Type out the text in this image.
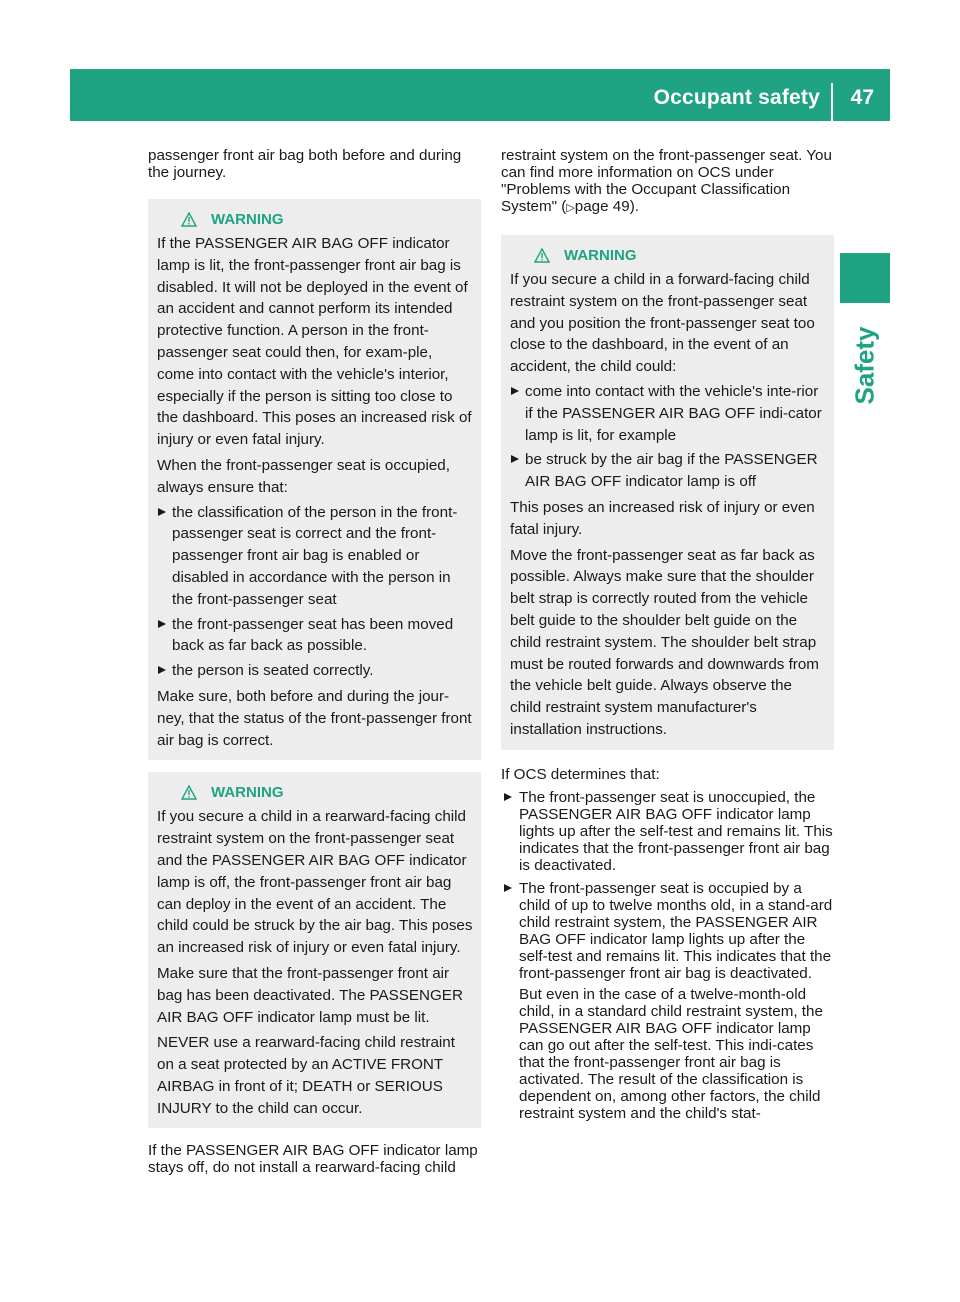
Occupant safety 47
Safety

passenger front air bag both before and during the journey.

WARNING

If the PASSENGER AIR BAG OFF indicator lamp is lit, the front-passenger front air bag is disabled. It will not be deployed in the event of an accident and cannot perform its intended protective function. A person in the front-passenger seat could then, for exam-ple, come into contact with the vehicle's interior, especially if the person is sitting too close to the dashboard. This poses an increased risk of injury or even fatal injury.

When the front-passenger seat is occupied, always ensure that:

the classification of the person in the front-passenger seat is correct and the front-passenger front air bag is enabled or disabled in accordance with the person in the front-passenger seat
the front-passenger seat has been moved back as far back as possible.
the person is seated correctly.

Make sure, both before and during the jour-ney, that the status of the front-passenger front air bag is correct.

WARNING

If you secure a child in a rearward-facing child restraint system on the front-passenger seat and the PASSENGER AIR BAG OFF indicator lamp is off, the front-passenger front air bag can deploy in the event of an accident. The child could be struck by the air bag. This poses an increased risk of injury or even fatal injury.

Make sure that the front-passenger front air bag has been deactivated. The PASSENGER AIR BAG OFF indicator lamp must be lit.

NEVER use a rearward-facing child restraint on a seat protected by an ACTIVE FRONT AIRBAG in front of it; DEATH or SERIOUS INJURY to the child can occur.

If the PASSENGER AIR BAG OFF indicator lamp stays off, do not install a rearward-facing child

restraint system on the front-passenger seat. You can find more information on OCS under "Problems with the Occupant Classification System" (▷page 49).

WARNING

If you secure a child in a forward-facing child restraint system on the front-passenger seat and you position the front-passenger seat too close to the dashboard, in the event of an accident, the child could:

come into contact with the vehicle's inte-rior if the PASSENGER AIR BAG OFF indi-cator lamp is lit, for example
be struck by the air bag if the PASSENGER AIR BAG OFF indicator lamp is off

This poses an increased risk of injury or even fatal injury.

Move the front-passenger seat as far back as possible. Always make sure that the shoulder belt strap is correctly routed from the vehicle belt guide to the shoulder belt guide on the child restraint system. The shoulder belt strap must be routed forwards and downwards from the vehicle belt guide. Always observe the child restraint system manufacturer's installation instructions.

If OCS determines that:

The front-passenger seat is unoccupied, the PASSENGER AIR BAG OFF indicator lamp lights up after the self-test and remains lit. This indicates that the front-passenger front air bag is deactivated.
The front-passenger seat is occupied by a child of up to twelve months old, in a stand-ard child restraint system, the PASSENGER AIR BAG OFF indicator lamp lights up after the self-test and remains lit. This indicates that the front-passenger front air bag is deactivated.
But even in the case of a twelve-month-old child, in a standard child restraint system, the PASSENGER AIR BAG OFF indicator lamp can go out after the self-test. This indi-cates that the front-passenger front air bag is activated. The result of the classification is dependent on, among other factors, the child restraint system and the child's stat-
